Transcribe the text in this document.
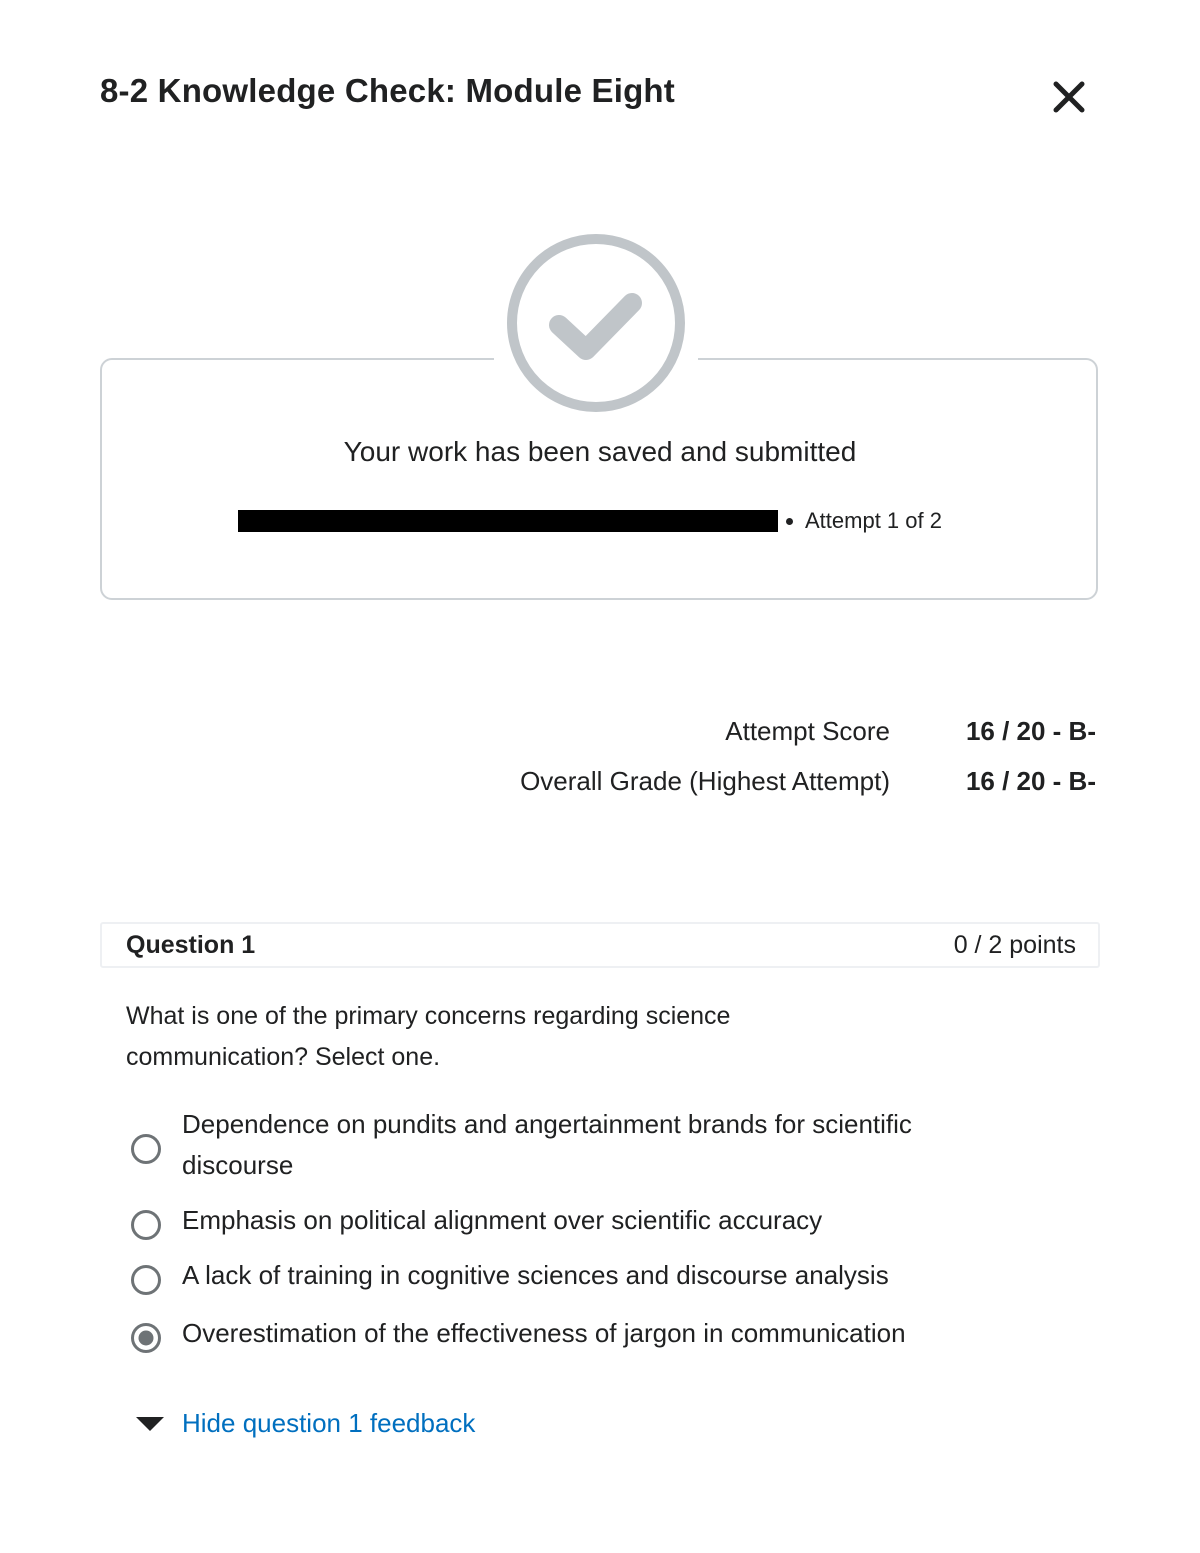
8-2 Knowledge Check: Module Eight
Your work has been saved and submitted
Attempt 1 of 2
Attempt Score	16 / 20 - B-
Overall Grade (Highest Attempt)	16 / 20 - B-
Question 1	0 / 2 points
What is one of the primary concerns regarding science communication? Select one.
Dependence on pundits and angertainment brands for scientific discourse
Emphasis on political alignment over scientific accuracy
A lack of training in cognitive sciences and discourse analysis
Overestimation of the effectiveness of jargon in communication
Hide question 1 feedback
